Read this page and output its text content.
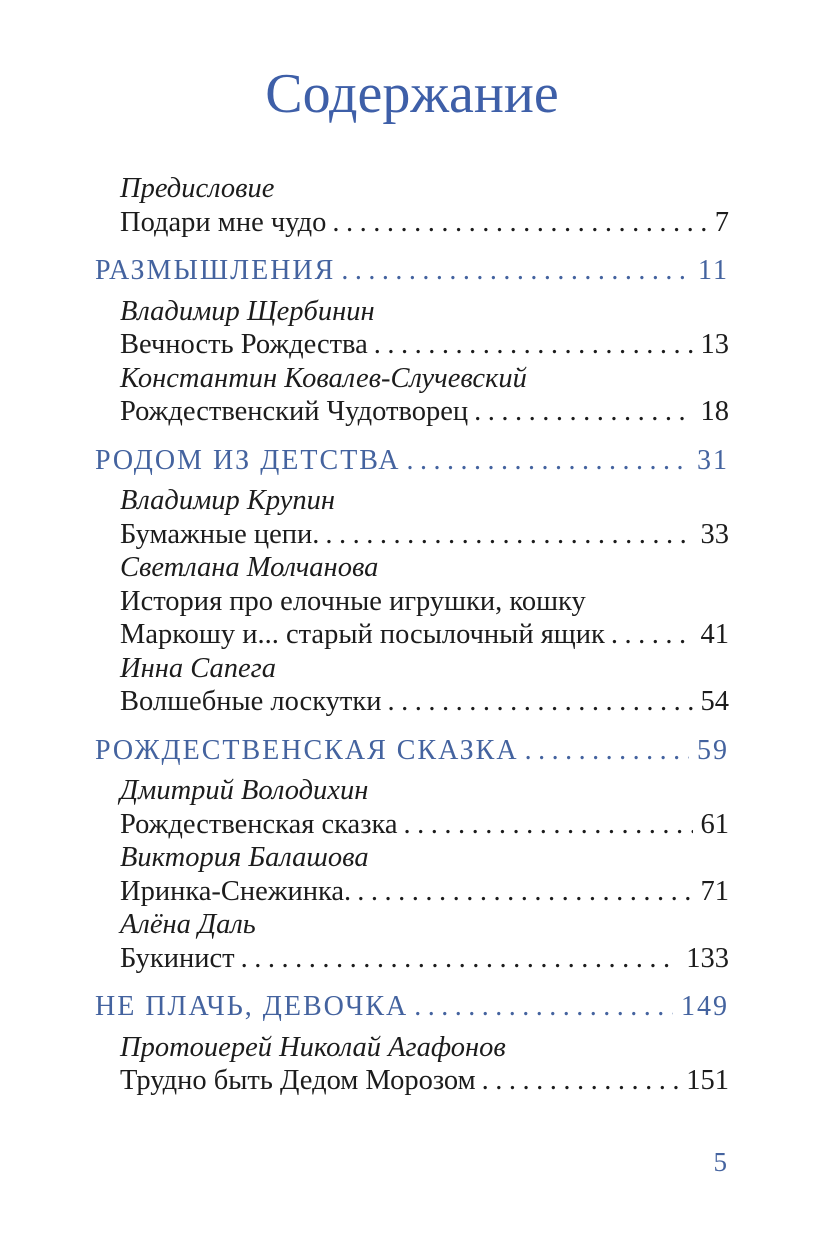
Содержание
Предисловие
Подари мне чудо .....	7
РАЗМЫШЛЕНИЯ .....	11
Владимир Щербинин
Вечность Рождества .....	13
Константин Ковалев-Случевский
Рождественский Чудотворец .....	18
РОДОМ ИЗ ДЕТСТВА .....	31
Владимир Крупин
Бумажные цепи. .....	33
Светлана Молчанова
История про елочные игрушки, кошку
Маркошу и... старый посылочный ящик .....	41
Инна Сапега
Волшебные лоскутки .....	54
РОЖДЕСТВЕНСКАЯ СКАЗКА .....	59
Дмитрий Володихин
Рождественская сказка .....	61
Виктория Балашова
Иринка-Снежинка. .....	71
Алёна Даль
Букинист .....	133
НЕ ПЛАЧЬ, ДЕВОЧКА .....	149
Протоиерей Николай Агафонов
Трудно быть Дедом Морозом .....	151
5
